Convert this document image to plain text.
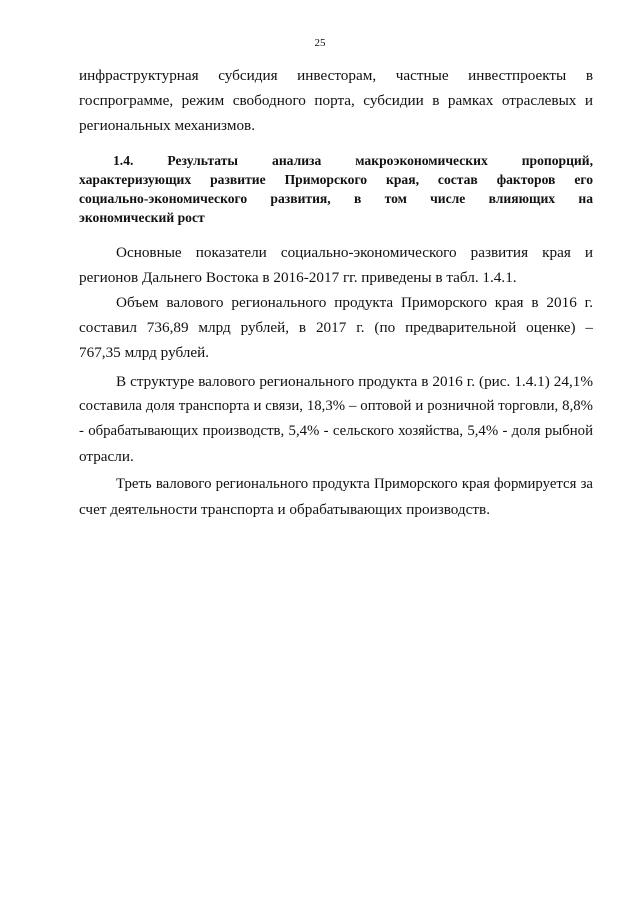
25
инфраструктурная субсидия инвесторам, частные инвестпроекты в
госпрограмме, режим свободного порта, субсидии в рамках отраслевых и
региональных механизмов.
1.4. Результаты анализа макроэкономических пропорций,
характеризующих развитие Приморского края, состав факторов его
социально-экономического развития, в том числе влияющих на
экономический рост
Основные показатели социально-экономического развития края и
регионов Дальнего Востока в 2016-2017 гг. приведены в табл. 1.4.1.
Объем валового регионального продукта Приморского края в 2016 г.
составил 736,89 млрд рублей, в 2017 г. (по предварительной оценке) –
767,35 млрд рублей.
В структуре валового регионального продукта в 2016 г. (рис. 1.4.1) 24,1%
составила доля транспорта и связи, 18,3% – оптовой и розничной торговли, 8,8%
- обрабатывающих производств, 5,4% - сельского хозяйства, 5,4% - доля рыбной
отрасли.
Треть валового регионального продукта Приморского края формируется за
счет деятельности транспорта и обрабатывающих производств.
